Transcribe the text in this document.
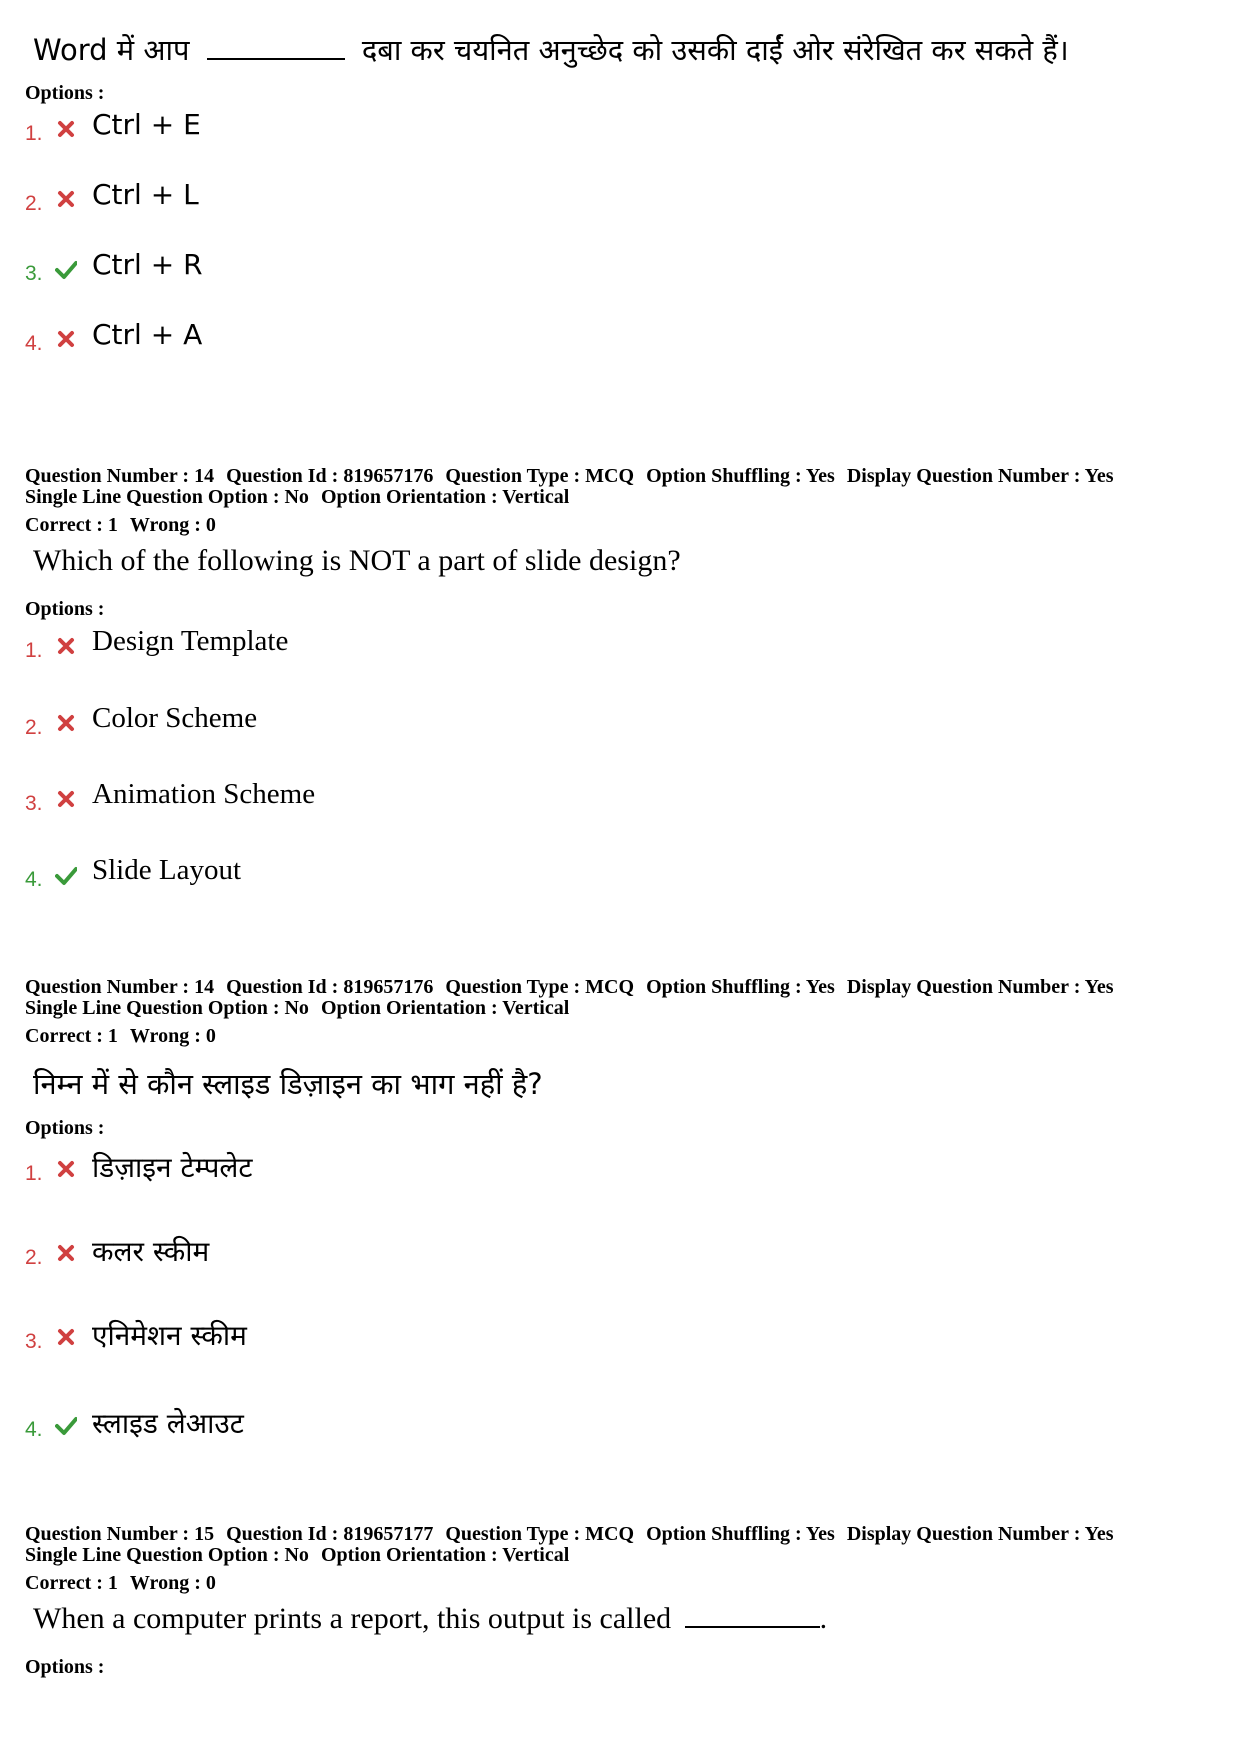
Word में आप	दबा कर चयनित अनुच्छेद को उसकी दाईं ओर संरेखित कर सकते हैं।
Options :
1. Ctrl + E
2. Ctrl + L
3. Ctrl + R
4. Ctrl + A
Question Number : 14 Question Id : 819657176 Question Type : MCQ Option Shuffling : Yes Display Question Number : Yes
Single Line Question Option : No Option Orientation : Vertical
Correct : 1 Wrong : 0
Which of the following is NOT a part of slide design?
Options :
1. Design Template
2. Color Scheme
3. Animation Scheme
4. Slide Layout
Question Number : 14 Question Id : 819657176 Question Type : MCQ Option Shuffling : Yes Display Question Number : Yes
Single Line Question Option : No Option Orientation : Vertical
Correct : 1 Wrong : 0
निम्न में से कौन स्लाइड डिज़ाइन का भाग नहीं है?
Options :
1. डिज़ाइन टेम्पलेट
2. कलर स्कीम
3. एनिमेशन स्कीम
4. स्लाइड लेआउट
Question Number : 15 Question Id : 819657177 Question Type : MCQ Option Shuffling : Yes Display Question Number : Yes
Single Line Question Option : No Option Orientation : Vertical
Correct : 1 Wrong : 0
When a computer prints a report, this output is called	.
Options :
